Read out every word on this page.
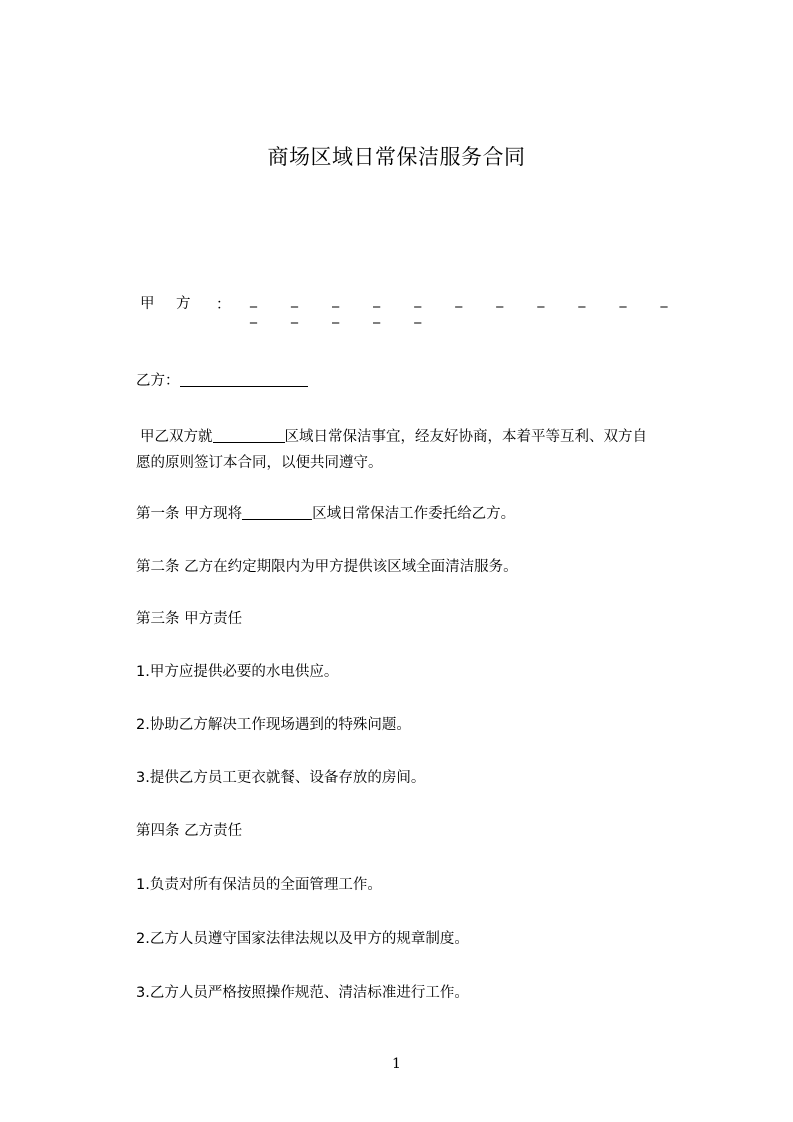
商场区域日常保洁服务合同
甲 方 ： _ _ _ _ _ _ _ _ _ _ _ _ _ _ _ _
乙方：
甲乙双方就	区域日常保洁事宜，经友好协商，本着平等互利、双方自
愿的原则签订本合同，以便共同遵守。
第一条 甲方现将	区域日常保洁工作委托给乙方。
第二条 乙方在约定期限内为甲方提供该区域全面清洁服务。
第三条 甲方责任
1.甲方应提供必要的水电供应。
2.协助乙方解决工作现场遇到的特殊问题。
3.提供乙方员工更衣就餐、设备存放的房间。
第四条 乙方责任
1.负责对所有保洁员的全面管理工作。
2.乙方人员遵守国家法律法规以及甲方的规章制度。
3.乙方人员严格按照操作规范、清洁标准进行工作。
1
